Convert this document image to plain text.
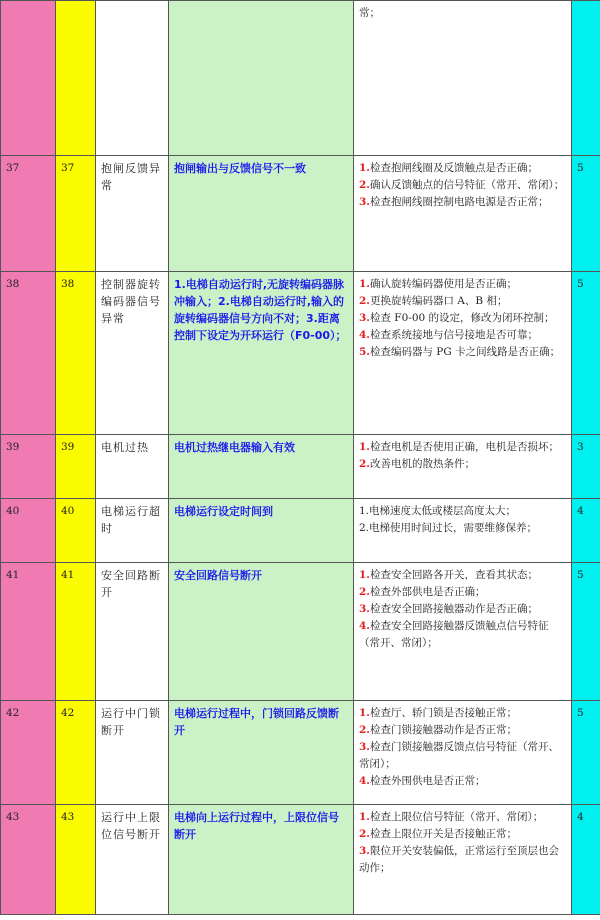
				常；	
37	37	抱闸反馈异常	抱闸输出与反馈信号不一致	1.检查抱闸线圈及反馈触点是否正确；
2.确认反馈触点的信号特征（常开、常闭）；
3.检查抱闸线圈控制电路电源是否正常；	5
38	38	控制器旋转编码器信号异常	1.电梯自动运行时,无旋转编码器脉冲输入；2.电梯自动运行时,输入的旋转编码器信号方向不对；3.距离控制下设定为开环运行（F0-00）；	1.确认旋转编码器使用是否正确；
2.更换旋转编码器口 A、B 相；
3.检查 F0-00 的设定，修改为闭环控制；
4.检查系统接地与信号接地是否可靠；
5.检查编码器与 PG 卡之间线路是否正确；	5
39	39	电机过热	电机过热继电器输入有效	1.检查电机是否使用正确，电机是否损坏；
2.改善电机的散热条件；	3
40	40	电梯运行超时	电梯运行设定时间到	1.电梯速度太低或楼层高度太大；
2.电梯使用时间过长，需要维修保养；	4
41	41	安全回路断开	安全回路信号断开	1.检查安全回路各开关，查看其状态；
2.检查外部供电是否正确；
3.检查安全回路接触器动作是否正确；
4.检查安全回路接触器反馈触点信号特征（常开、常闭）；	5
42	42	运行中门锁断开	电梯运行过程中，门锁回路反馈断开	1.检查厅、轿门锁是否接触正常；
2.检查门锁接触器动作是否正常；
3.检查门锁接触器反馈点信号特征（常开、常闭）；
4.检查外围供电是否正常；	5
43	43	运行中上限位信号断开	电梯向上运行过程中，上限位信号断开	1.检查上限位信号特征（常开、常闭）；
2.检查上限位开关是否接触正常；
3.限位开关安装偏低，正常运行至顶层也会动作；	4
